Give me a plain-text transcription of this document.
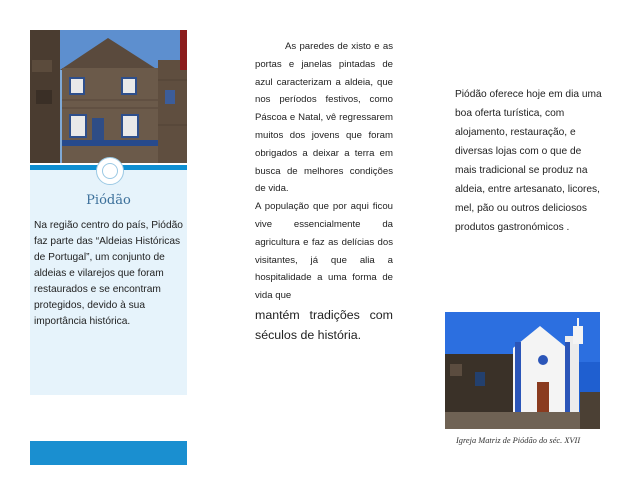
Piódão
Na região centro do país, Piódão faz parte das “Aldeias Históricas de Portugal”, um conjunto de aldeias e vilarejos que foram restaurados e se encontram protegidos, devido à sua importância histórica.
As paredes de xisto e as portas e janelas pintadas de azul caracterizam a aldeia, que nos períodos festivos, como Páscoa e Natal, vê regressarem muitos dos jovens que foram obrigados a deixar a terra em busca de melhores condições de vida.
A população que por aqui ficou vive essencialmente da agricultura e faz as delícias dos visitantes, já que alia a hospitalidade a uma forma de vida que
mantém tradições com séculos de história.
Piódão oferece hoje em dia uma boa oferta turística, com alojamento, restauração, e diversas lojas com o que de mais tradicional se produz na aldeia, entre artesanato, licores, mel, pão ou outros deliciosos produtos gastronómicos .
Igreja Matriz de Piódão do séc. XVII
